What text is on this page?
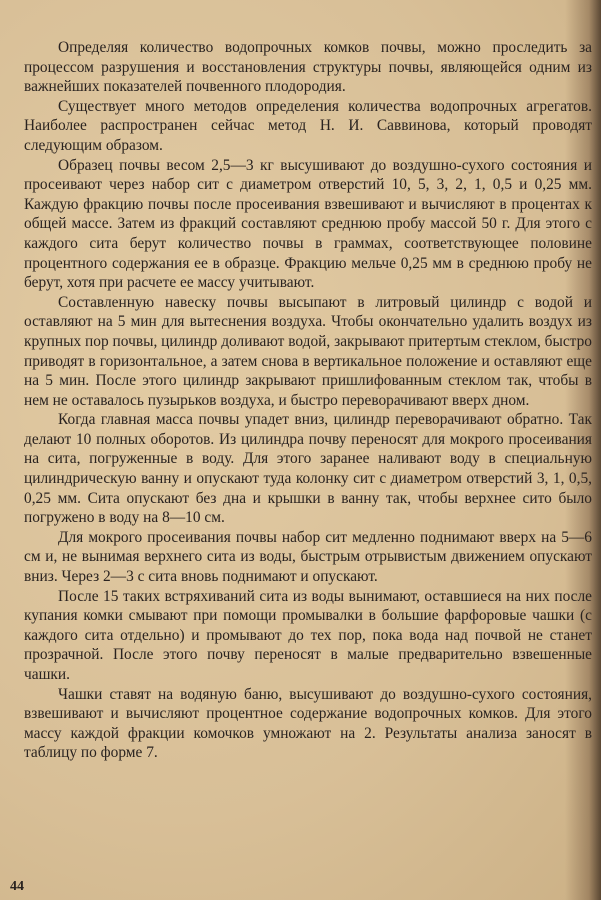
Определяя количество водопрочных комков почвы, можно проследить за процессом разрушения и восстановления структуры почвы, являющейся одним из важнейших показателей почвенного плодородия.

Существует много методов определения количества водопрочных агрегатов. Наиболее распространен сейчас метод Н. И. Саввинова, который проводят следующим образом.

Образец почвы весом 2,5—3 кг высушивают до воздушно-сухого состояния и просеивают через набор сит с диаметром отверстий 10, 5, 3, 2, 1, 0,5 и 0,25 мм. Каждую фракцию почвы после просеивания взвешивают и вычисляют в процентах к общей массе. Затем из фракций составляют среднюю пробу массой 50 г. Для этого с каждого сита берут количество почвы в граммах, соответствующее половине процентного содержания ее в образце. Фракцию мельче 0,25 мм в среднюю пробу не берут, хотя при расчете ее массу учитывают.

Составленную навеску почвы высыпают в литровый цилиндр с водой и оставляют на 5 мин для вытеснения воздуха. Чтобы окончательно удалить воздух из крупных пор почвы, цилиндр доливают водой, закрывают притертым стеклом, быстро приводят в горизонтальное, а затем снова в вертикальное положение и оставляют еще на 5 мин. После этого цилиндр закрывают пришлифованным стеклом так, чтобы в нем не оставалось пузырьков воздуха, и быстро переворачивают вверх дном.

Когда главная масса почвы упадет вниз, цилиндр переворачивают обратно. Так делают 10 полных оборотов. Из цилиндра почву переносят для мокрого просеивания на сита, погруженные в воду. Для этого заранее наливают воду в специальную цилиндрическую ванну и опускают туда колонку сит с диаметром отверстий 3, 1, 0,5, 0,25 мм. Сита опускают без дна и крышки в ванну так, чтобы верхнее сито было погружено в воду на 8—10 см.

Для мокрого просеивания почвы набор сит медленно поднимают вверх на 5—6 см и, не вынимая верхнего сита из воды, быстрым отрывистым движением опускают вниз. Через 2—3 с сита вновь поднимают и опускают.

После 15 таких встряхиваний сита из воды вынимают, оставшиеся на них после купания комки смывают при помощи промывалки в большие фарфоровые чашки (с каждого сита отдельно) и промывают до тех пор, пока вода над почвой не станет прозрачной. После этого почву переносят в малые предварительно взвешенные чашки.

Чашки ставят на водяную баню, высушивают до воздушно-сухого состояния, взвешивают и вычисляют процентное содержание водопрочных комков. Для этого массу каждой фракции комочков умножают на 2. Результаты анализа заносят в таблицу по форме 7.

44
